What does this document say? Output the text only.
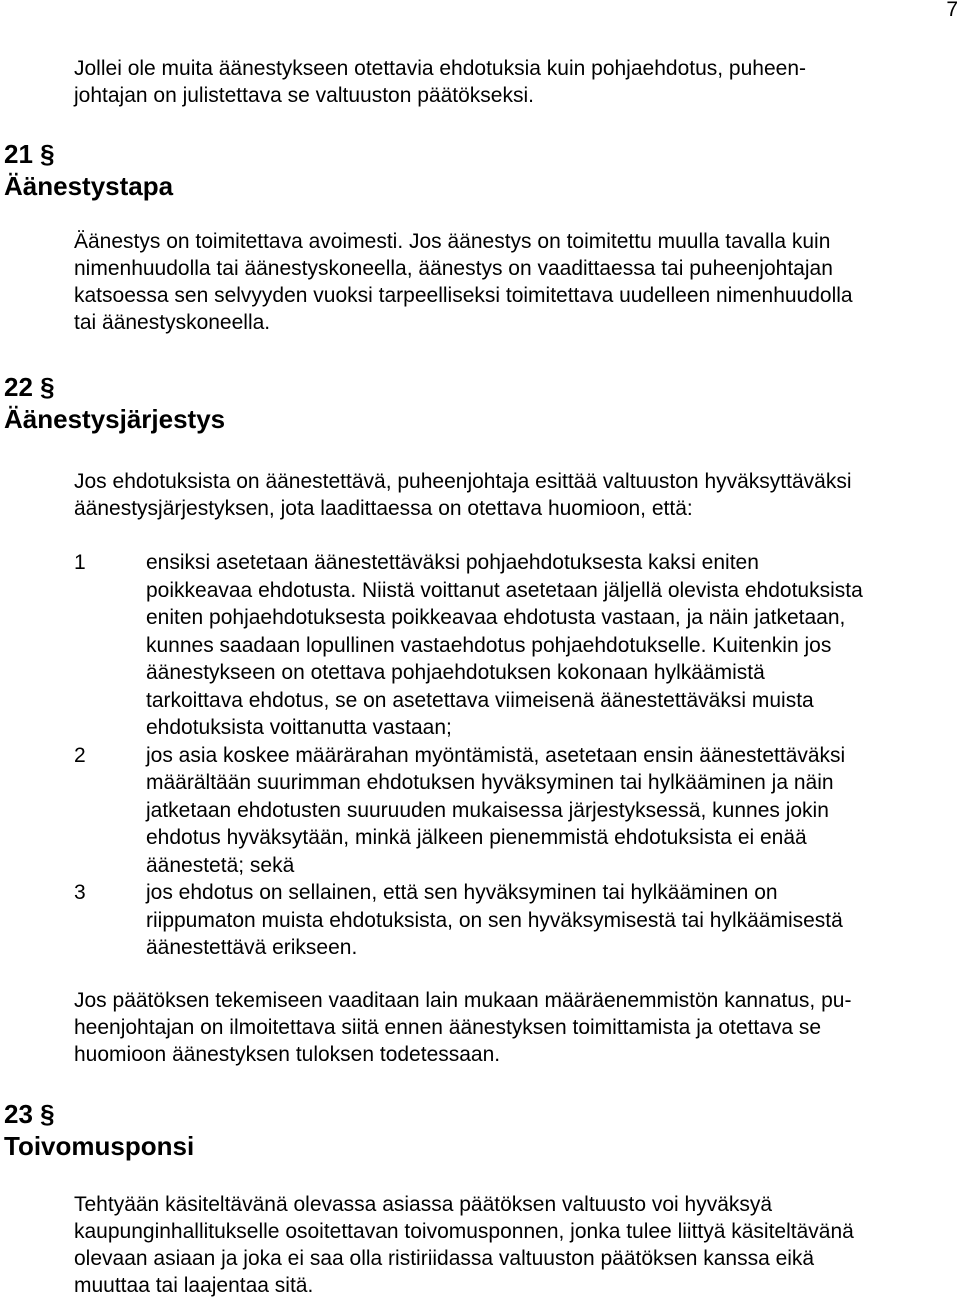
7

Jollei ole muita äänestykseen otettavia ehdotuksia kuin pohjaehdotus, puheen-
johtajan on julistettava se valtuuston päätökseksi.

21 §
Äänestystapa

Äänestys on toimitettava avoimesti. Jos äänestys on toimitettu muulla tavalla kuin
nimenhuudolla tai äänestyskoneella, äänestys on vaadittaessa tai puheenjohtajan
katsoessa sen selvyyden vuoksi tarpeelliseksi toimitettava uudelleen nimenhuudolla
tai äänestyskoneella.

22 §
Äänestysjärjestys

Jos ehdotuksista on äänestettävä, puheenjohtaja esittää valtuuston hyväksyttäväksi
äänestysjärjestyksen, jota laadittaessa on otettava huomioon, että:

1	ensiksi asetetaan äänestettäväksi pohjaehdotuksesta kaksi eniten
poikkeavaa ehdotusta. Niistä voittanut asetetaan jäljellä olevista ehdotuksista
eniten pohjaehdotuksesta poikkeavaa ehdotusta vastaan, ja näin jatketaan,
kunnes saadaan lopullinen vastaehdotus pohjaehdotukselle. Kuitenkin jos
äänestykseen on otettava pohjaehdotuksen kokonaan hylkäämistä
tarkoittava ehdotus, se on asetettava viimeisenä äänestettäväksi muista
ehdotuksista voittanutta vastaan;
2	jos asia koskee määrärahan myöntämistä, asetetaan ensin äänestettäväksi
määrältään suurimman ehdotuksen hyväksyminen tai hylkääminen ja näin
jatketaan ehdotusten suuruuden mukaisessa järjestyksessä, kunnes jokin
ehdotus hyväksytään, minkä jälkeen pienemmistä ehdotuksista ei enää
äänestetä; sekä
3	jos ehdotus on sellainen, että sen hyväksyminen tai hylkääminen on
riippumaton muista ehdotuksista, on sen hyväksymisestä tai hylkäämisestä
äänestettävä erikseen.

Jos päätöksen tekemiseen vaaditaan lain mukaan määräenemmistön kannatus, pu-
heenjohtajan on ilmoitettava siitä ennen äänestyksen toimittamista ja otettava se
huomioon äänestyksen tuloksen todetessaan.

23 §
Toivomusponsi

Tehtyään käsiteltävänä olevassa asiassa päätöksen valtuusto voi hyväksyä
kaupunginhallitukselle osoitettavan toivomusponnen, jonka tulee liittyä käsiteltävänä
olevaan asiaan ja joka ei saa olla ristiriidassa valtuuston päätöksen kanssa eikä
muuttaa tai laajentaa sitä.
